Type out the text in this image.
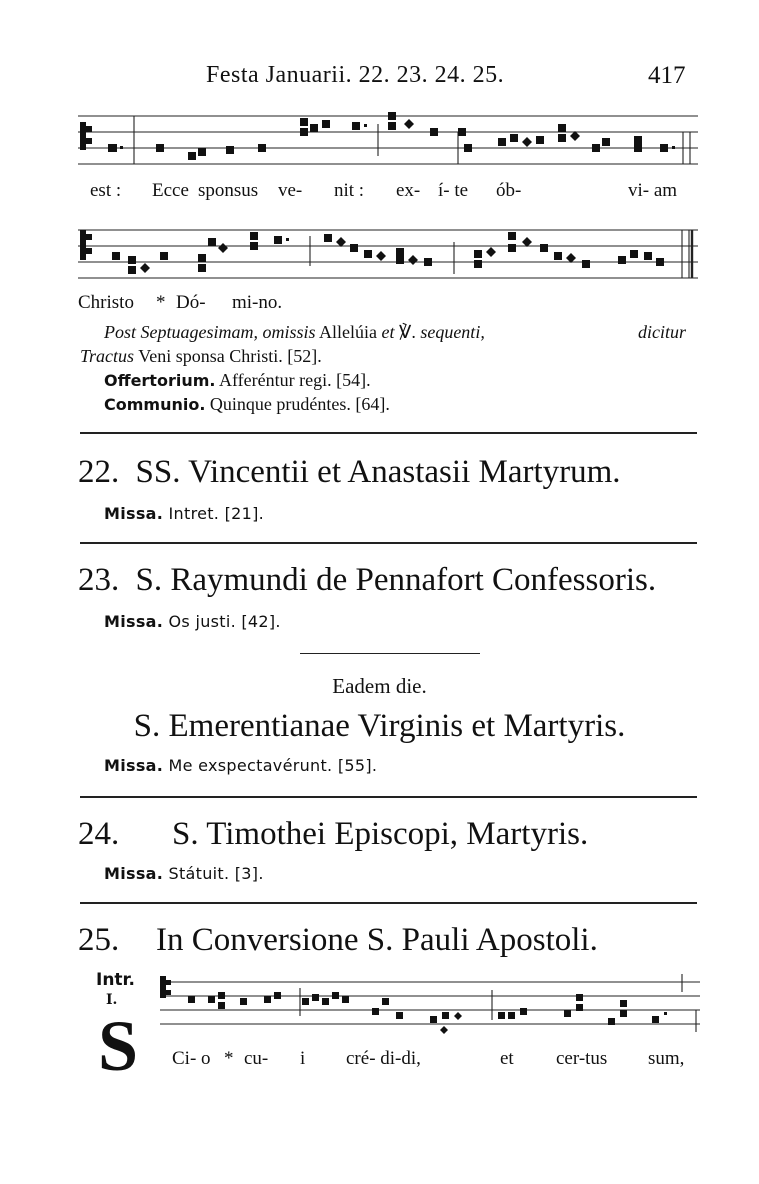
Festa Januarii. 22. 23. 24. 25.	417
est : Ecce sponsus ve- nit : ex- í- te ób-	vi- am
Christo * Dó- mi-no.
Post Septuagesimam, omissis Allelúia et ℣. sequenti,	dicitur
Tractus Veni sponsa Christi. [52].
Offertorium. Afferéntur regi. [54].
Communio. Quinque prudéntes. [64].
22. SS. Vincentii et Anastasii Martyrum.
Missa. Intret. [21].
23. S. Raymundi de Pennafort Confessoris.
Missa. Os justi. [42].
Eadem die.
S. Emerentianae Virginis et Martyris.
Missa. Me exspectavérunt. [55].
24. S. Timothei Episcopi, Martyris.
Missa. Státuit. [3].
25. In Conversione S. Pauli Apostoli.
Intr.
I.
S Ci- o * cu- i cré- di-di,	et cer-tus sum,
